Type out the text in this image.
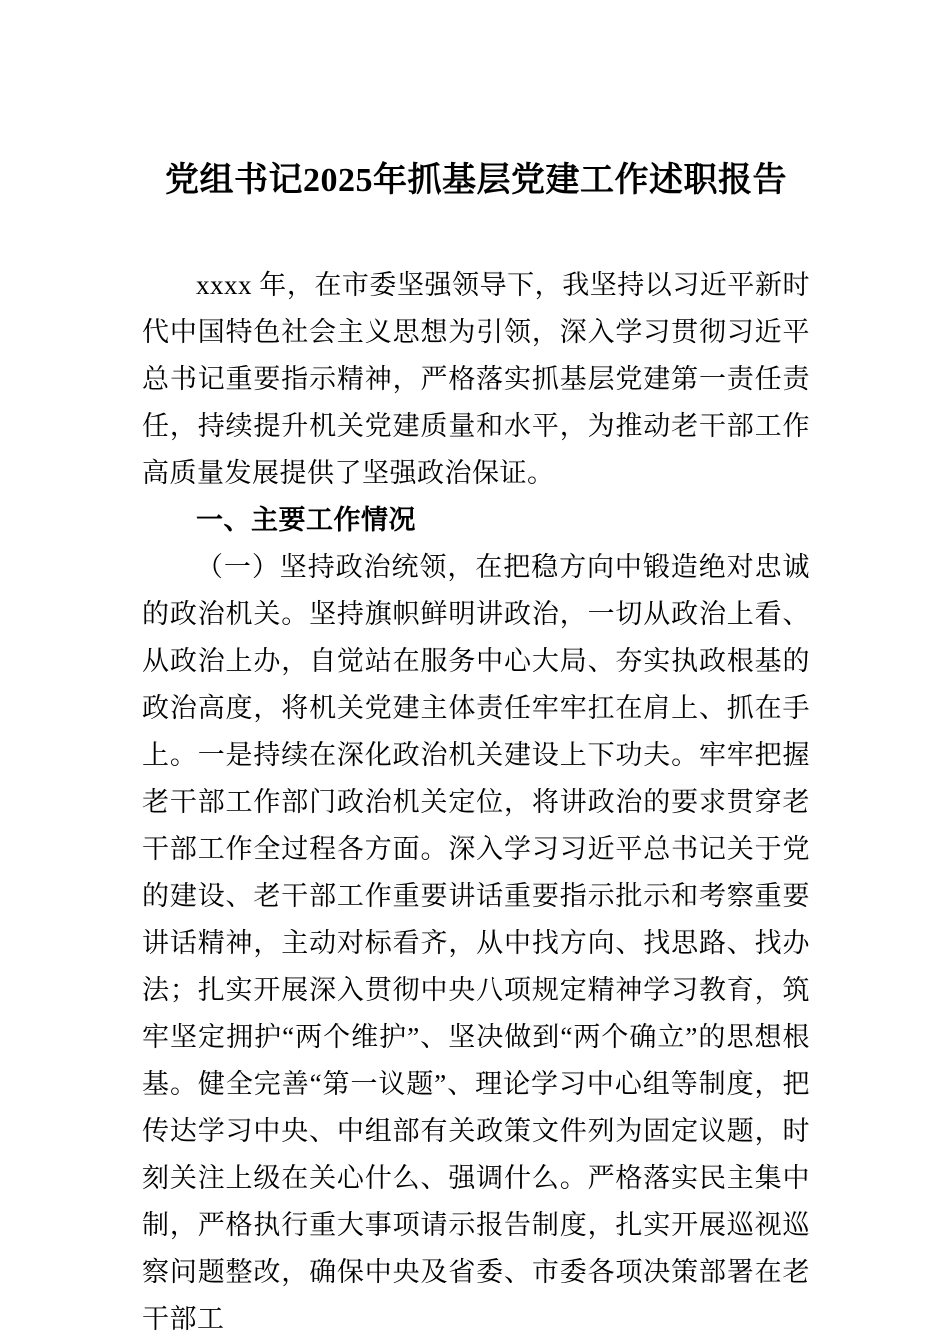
党组书记2025年抓基层党建工作述职报告

xxxx 年，在市委坚强领导下，我坚持以习近平新时代中国特色社会主义思想为引领，深入学习贯彻习近平总书记重要指示精神，严格落实抓基层党建第一责任责任，持续提升机关党建质量和水平，为推动老干部工作高质量发展提供了坚强政治保证。

一、主要工作情况

（一）坚持政治统领，在把稳方向中锻造绝对忠诚的政治机关。坚持旗帜鲜明讲政治，一切从政治上看、从政治上办，自觉站在服务中心大局、夯实执政根基的政治高度，将机关党建主体责任牢牢扛在肩上、抓在手上。一是持续在深化政治机关建设上下功夫。牢牢把握老干部工作部门政治机关定位，将讲政治的要求贯穿老干部工作全过程各方面。深入学习习近平总书记关于党的建设、老干部工作重要讲话重要指示批示和考察重要讲话精神，主动对标看齐，从中找方向、找思路、找办法；扎实开展深入贯彻中央八项规定精神学习教育，筑牢坚定拥护“两个维护”、坚决做到“两个确立”的思想根基。健全完善“第一议题”、理论学习中心组等制度，把传达学习中央、中组部有关政策文件列为固定议题，时刻关注上级在关心什么、强调什么。严格落实民主集中制，严格执行重大事项请示报告制度，扎实开展巡视巡察问题整改，确保中央及省委、市委各项决策部署在老干部工
